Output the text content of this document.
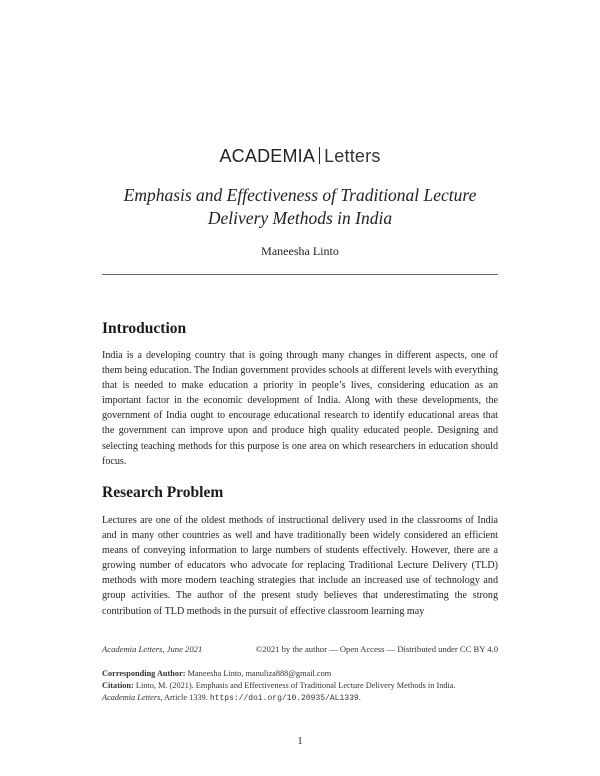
ACADEMIA Letters
Emphasis and Effectiveness of Traditional Lecture
Delivery Methods in India
Maneesha Linto
Introduction

India is a developing country that is going through many changes in different aspects, one of them being education. The Indian government provides schools at different levels with everything that is needed to make education a priority in people’s lives, considering education as an important factor in the economic development of India. Along with these developments, the government of India ought to encourage educational research to identify educational areas that the government can improve upon and produce high quality educated people. Designing and selecting teaching methods for this purpose is one area on which researchers in education should focus.

Research Problem

Lectures are one of the oldest methods of instructional delivery used in the classrooms of India and in many other countries as well and have traditionally been widely considered an efficient means of conveying information to large numbers of students effectively. However, there are a growing number of educators who advocate for replacing Traditional Lecture Delivery (TLD) methods with more modern teaching strategies that include an increased use of technology and group activities. The author of the present study believes that underestimating the strong contribution of TLD methods in the pursuit of effective classroom learning may

Academia Letters, June 2021	©2021 by the author — Open Access — Distributed under CC BY 4.0
Corresponding Author: Maneesha Linto, manuliza888@gmail.com
Citation: Linto, M. (2021). Emphasis and Effectiveness of Traditional Lecture Delivery Methods in India.
Academia Letters, Article 1339. https://doi.org/10.20935/AL1339.
1
